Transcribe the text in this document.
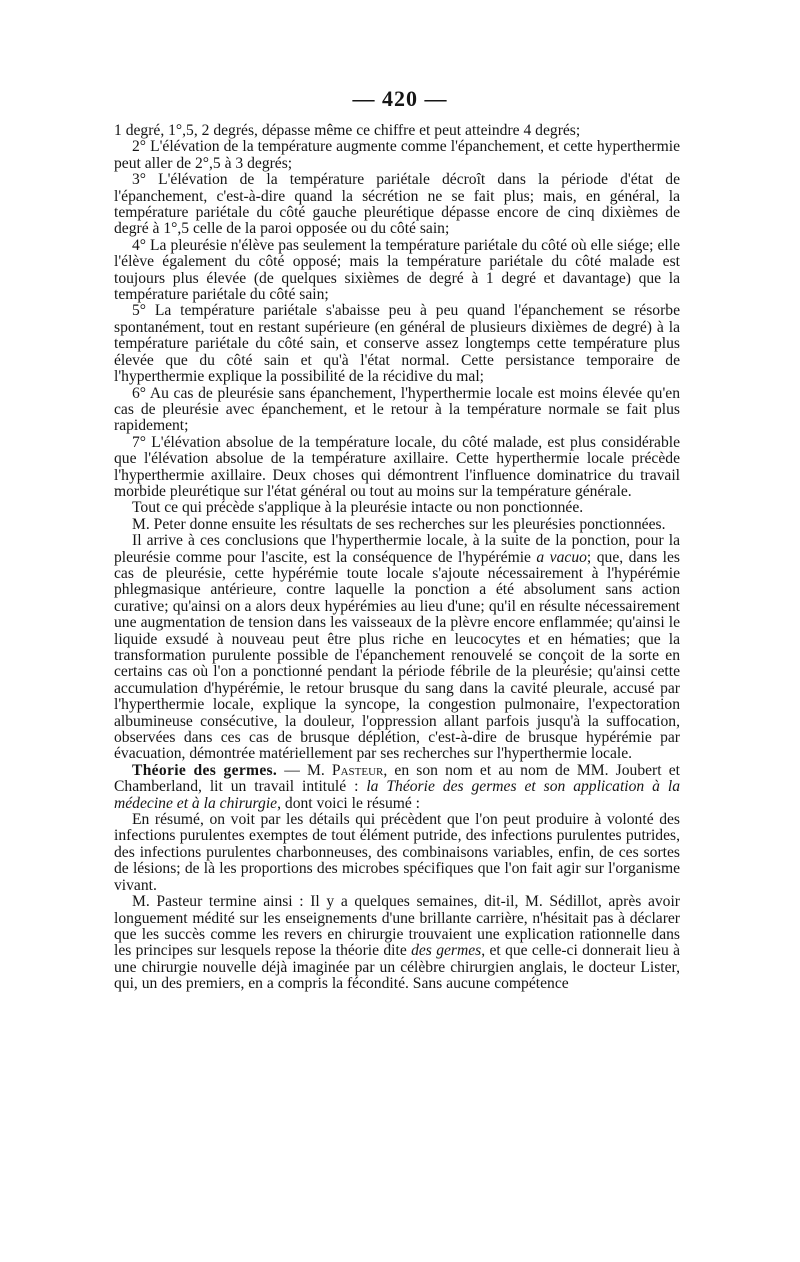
— 420 —

1 degré, 1°,5, 2 degrés, dépasse même ce chiffre et peut atteindre 4 degrés;

2° L'élévation de la température augmente comme l'épanchement, et cette hyperthermie peut aller de 2°,5 à 3 degrés;

3° L'élévation de la température pariétale décroît dans la période d'état de l'épanchement, c'est-à-dire quand la sécrétion ne se fait plus; mais, en général, la température pariétale du côté gauche pleurétique dépasse encore de cinq dixièmes de degré à 1°,5 celle de la paroi opposée ou du côté sain;

4° La pleurésie n'élève pas seulement la température pariétale du côté où elle siége; elle l'élève également du côté opposé; mais la température pariétale du côté malade est toujours plus élevée (de quelques sixièmes de degré à 1 degré et davantage) que la température pariétale du côté sain;

5° La température pariétale s'abaisse peu à peu quand l'épanchement se résorbe spontanément, tout en restant supérieure (en général de plusieurs dixièmes de degré) à la température pariétale du côté sain, et conserve assez longtemps cette température plus élevée que du côté sain et qu'à l'état normal. Cette persistance temporaire de l'hyperthermie explique la possibilité de la récidive du mal;

6° Au cas de pleurésie sans épanchement, l'hyperthermie locale est moins élevée qu'en cas de pleurésie avec épanchement, et le retour à la température normale se fait plus rapidement;

7° L'élévation absolue de la température locale, du côté malade, est plus considérable que l'élévation absolue de la température axillaire. Cette hyperthermie locale précède l'hyperthermie axillaire. Deux choses qui démontrent l'influence dominatrice du travail morbide pleurétique sur l'état général ou tout au moins sur la température générale.

Tout ce qui précède s'applique à la pleurésie intacte ou non ponctionnée.

M. Peter donne ensuite les résultats de ses recherches sur les pleurésies ponctionnées.

Il arrive à ces conclusions que l'hyperthermie locale, à la suite de la ponction, pour la pleurésie comme pour l'ascite, est la conséquence de l'hypérémie a vacuo; que, dans les cas de pleurésie, cette hypérémie toute locale s'ajoute nécessairement à l'hypérémie phlegmasique antérieure, contre laquelle la ponction a été absolument sans action curative; qu'ainsi on a alors deux hypérémies au lieu d'une; qu'il en résulte nécessairement une augmentation de tension dans les vaisseaux de la plèvre encore enflammée; qu'ainsi le liquide exsudé à nouveau peut être plus riche en leucocytes et en hématies; que la transformation purulente possible de l'épanchement renouvelé se conçoit de la sorte en certains cas où l'on a ponctionné pendant la période fébrile de la pleurésie; qu'ainsi cette accumulation d'hypérémie, le retour brusque du sang dans la cavité pleurale, accusé par l'hyperthermie locale, explique la syncope, la congestion pulmonaire, l'expectoration albumineuse consécutive, la douleur, l'oppression allant parfois jusqu'à la suffocation, observées dans ces cas de brusque déplétion, c'est-à-dire de brusque hypérémie par évacuation, démontrée matériellement par ses recherches sur l'hyperthermie locale.

Théorie des germes. — M. Pasteur, en son nom et au nom de MM. Joubert et Chamberland, lit un travail intitulé : la Théorie des germes et son application à la médecine et à la chirurgie, dont voici le résumé :

En résumé, on voit par les détails qui précèdent que l'on peut produire à volonté des infections purulentes exemptes de tout élément putride, des infections purulentes putrides, des infections purulentes charbonneuses, des combinaisons variables, enfin, de ces sortes de lésions; de là les proportions des microbes spécifiques que l'on fait agir sur l'organisme vivant.

M. Pasteur termine ainsi : Il y a quelques semaines, dit-il, M. Sédillot, après avoir longuement médité sur les enseignements d'une brillante carrière, n'hésitait pas à déclarer que les succès comme les revers en chirurgie trouvaient une explication rationnelle dans les principes sur lesquels repose la théorie dite des germes, et que celle-ci donnerait lieu à une chirurgie nouvelle déjà imaginée par un célèbre chirurgien anglais, le docteur Lister, qui, un des premiers, en a compris la fécondité. Sans aucune compétence
